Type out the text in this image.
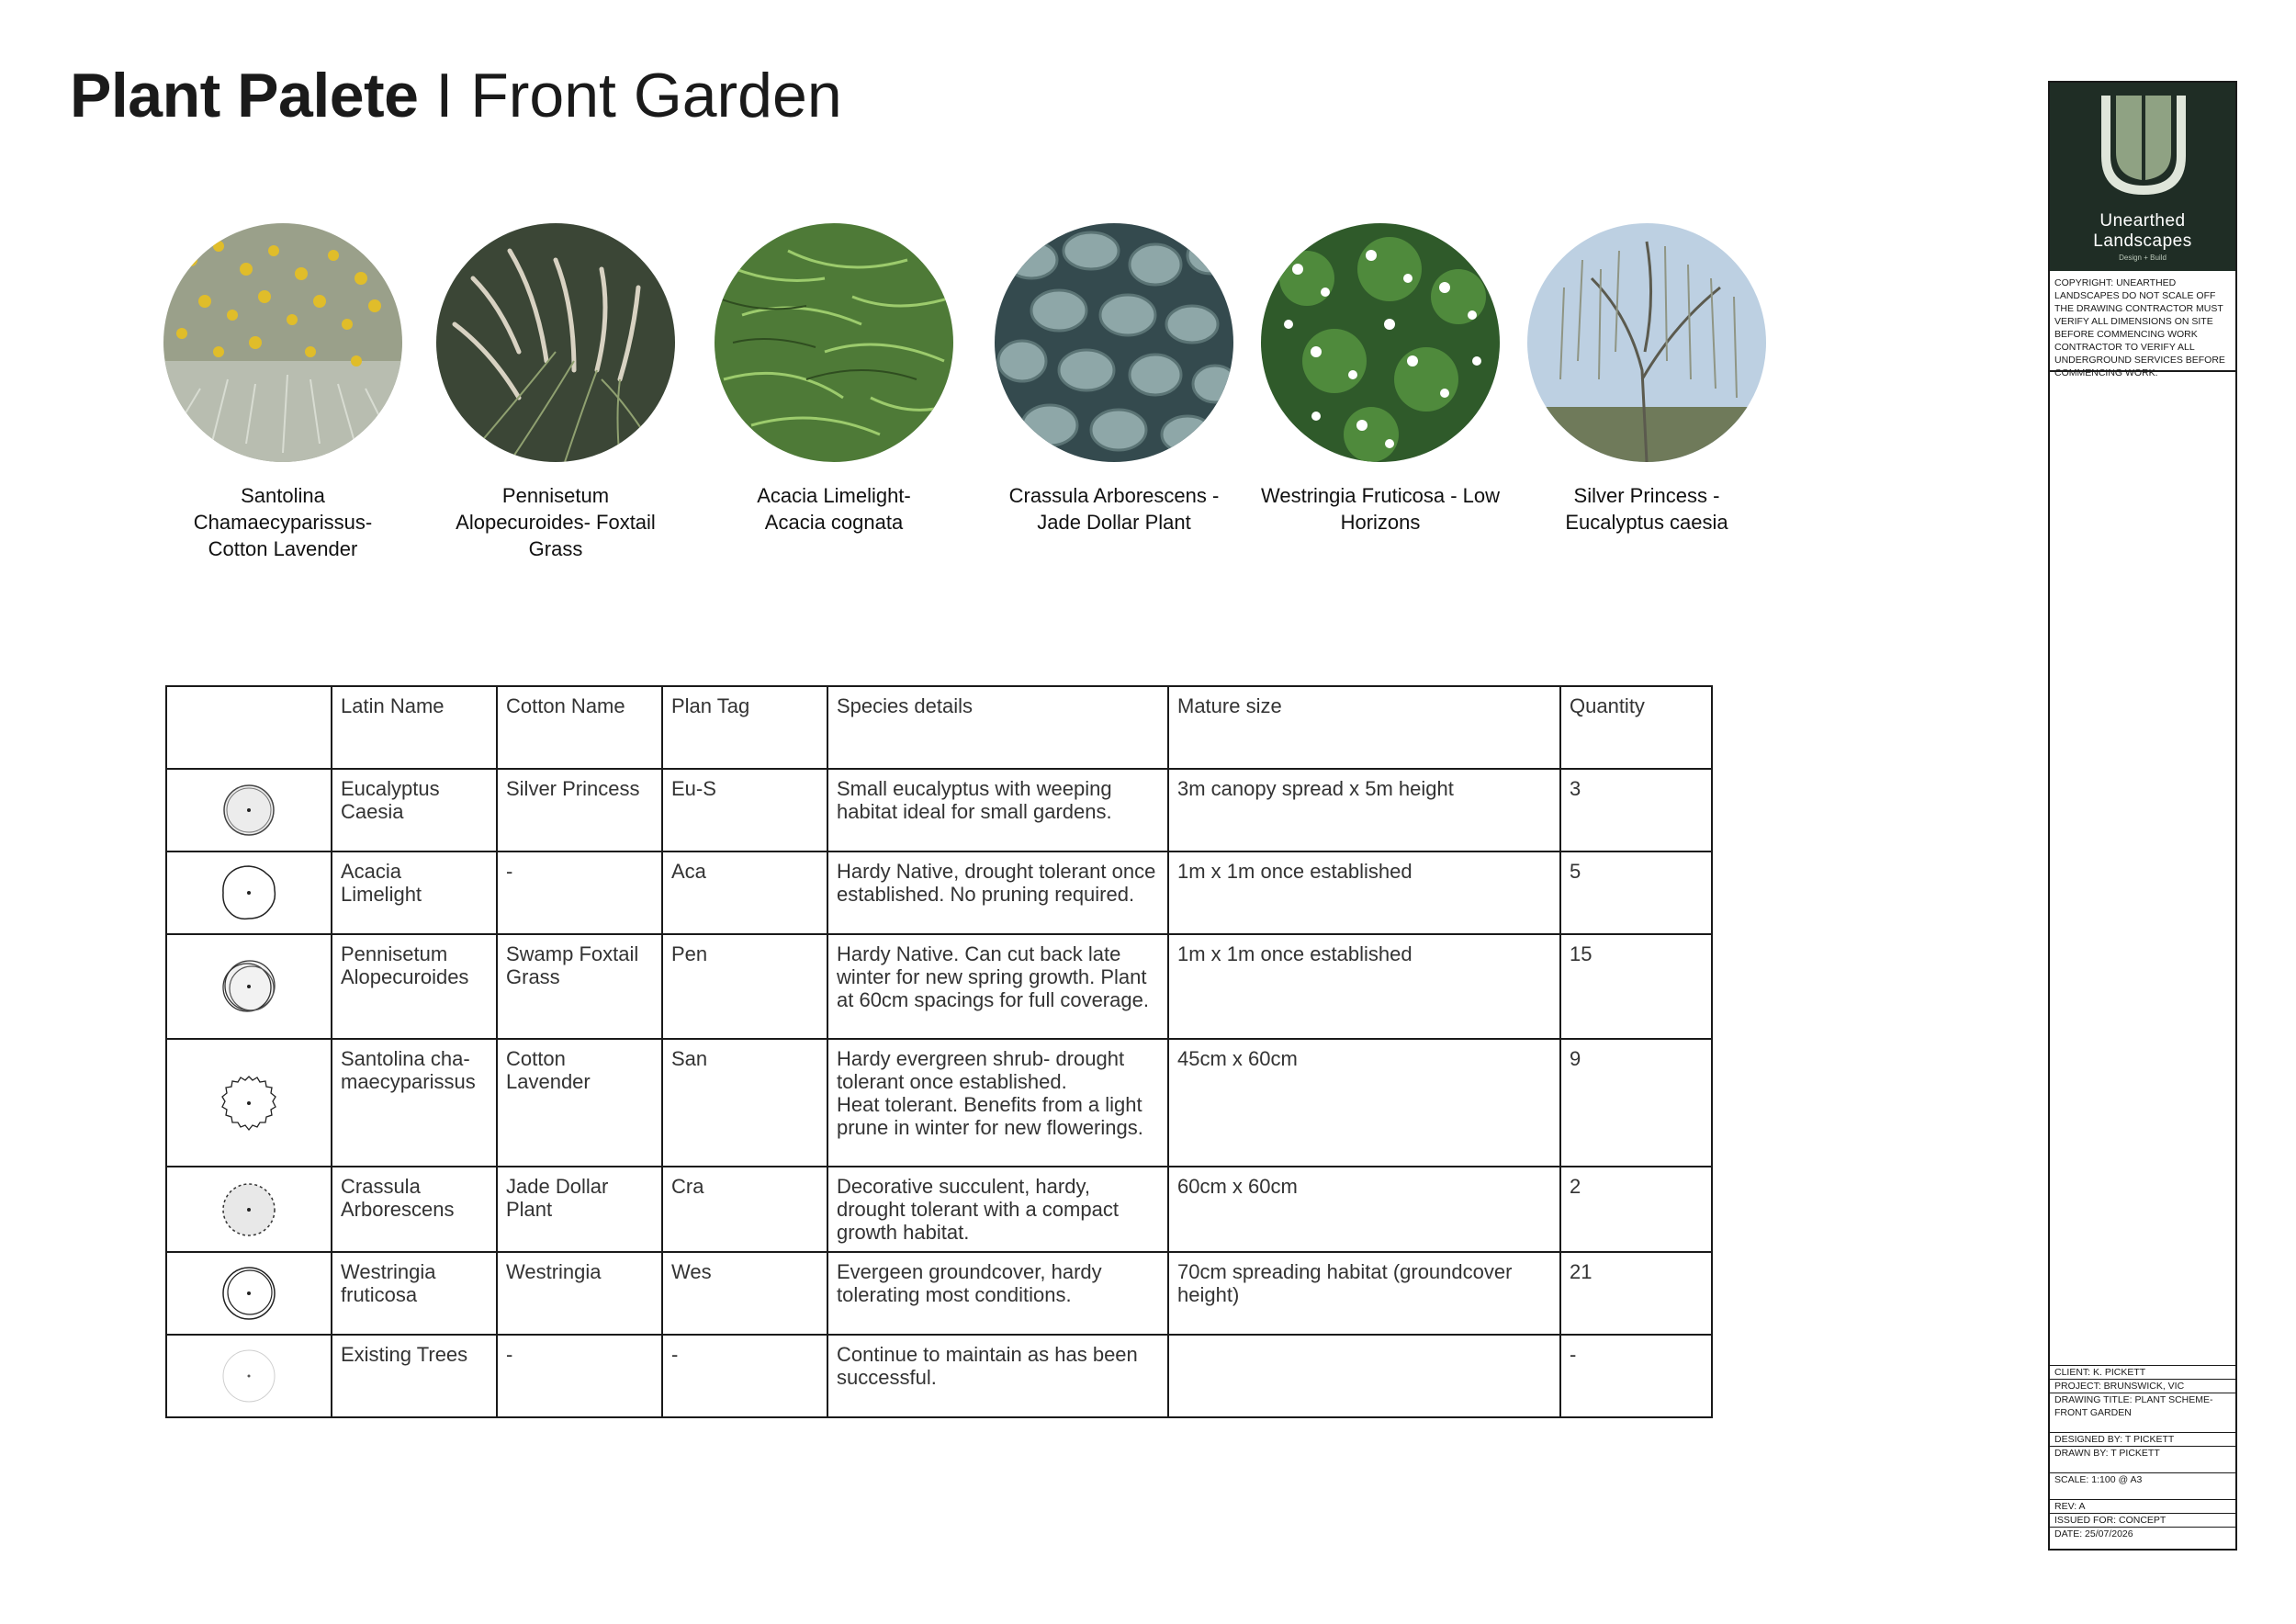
Plant Palete I Front Garden
Santolina
Chamaecyparissus-
Cotton Lavender
Pennisetum
Alopecuroides- Foxtail
Grass
Acacia Limelight-
Acacia cognata
Crassula Arborescens -
Jade Dollar Plant
Westringia Fruticosa - Low
Horizons
Silver Princess -
Eucalyptus caesia
	Latin Name	Cotton Name	Plan Tag	Species details	Mature size	Quantity

	Eucalyptus Caesia	Silver Princess	Eu-S	Small eucalyptus with weeping habitat ideal for small gardens.	3m canopy spread x 5m height	3

	Acacia Limelight	-	Aca	Hardy Native, drought tolerant once established. No pruning required.	1m x 1m once established	5

	Pennisetum Alopecuroides	Swamp Foxtail Grass	Pen	Hardy Native. Can cut back late winter for new spring growth. Plant at 60cm spacings for full coverage.	1m x 1m once established	15

	Santolina cha-maecyparissus	Cotton Lavender	San	Hardy evergreen shrub- drought tolerant once established.
Heat tolerant. Benefits from a light prune in winter for new flowerings.	45cm x 60cm	9

	Crassula Arborescens	Jade Dollar Plant	Cra	Decorative succulent, hardy, drought tolerant with a compact growth habitat.	60cm x 60cm	2

	Westringia fruticosa	Westringia	Wes	Evergeen groundcover, hardy tolerating most conditions.	70cm spreading habitat (groundcover height)	21

	Existing Trees	-	-	Continue to maintain as has been successful.		-
Unearthed Landscapes
Design + Build
COPYRIGHT: UNEARTHED LANDSCAPES DO NOT SCALE OFF THE DRAWING CONTRACTOR MUST VERIFY ALL DIMENSIONS ON SITE BEFORE COMMENCING WORK CONTRACTOR TO VERIFY ALL UNDERGROUND SERVICES BEFORE COMMENCING WORK.
CLIENT: K. PICKETT
PROJECT: BRUNSWICK, VIC
DRAWING TITLE: PLANT SCHEME- FRONT GARDEN
DESIGNED BY: T PICKETT
DRAWN BY: T PICKETT
SCALE: 1:100 @ A3
REV: A
ISSUED FOR: CONCEPT
DATE: 25/07/2026
